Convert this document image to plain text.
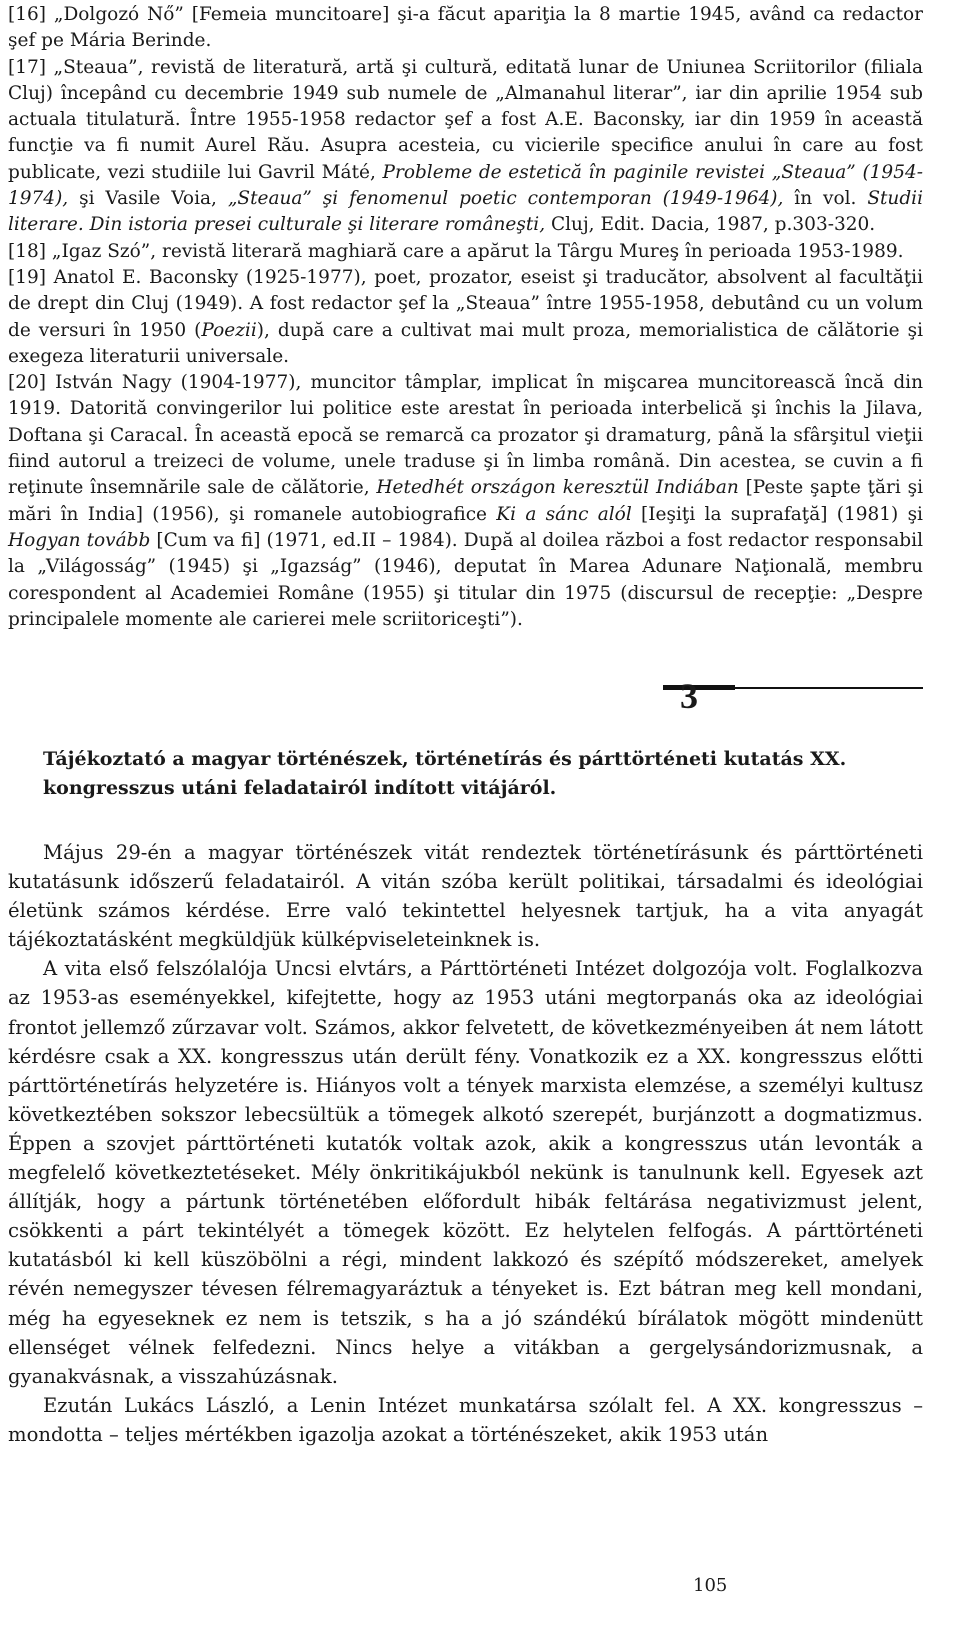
[16] „Dolgozó Nő” [Femeia muncitoare] şi-a făcut apariţia la 8 martie 1945, având ca redactor şef pe Mária Berinde.

[17] „Steaua”, revistă de literatură, artă şi cultură, editată lunar de Uniunea Scriitorilor (filiala Cluj) începând cu decembrie 1949 sub numele de „Almanahul literar”, iar din aprilie 1954 sub actuala titulatură. Între 1955-1958 redactor şef a fost A.E. Baconsky, iar din 1959 în această funcţie va fi numit Aurel Rău. Asupra acesteia, cu vicierile specifice anului în care au fost publicate, vezi studiile lui Gavril Máté, Probleme de estetică în paginile revistei „Steaua” (1954-1974), şi Vasile Voia, „Steaua” şi fenomenul poetic contemporan (1949-1964), în vol. Studii literare. Din istoria presei culturale şi literare româneşti, Cluj, Edit. Dacia, 1987, p.303-320.

[18] „Igaz Szó”, revistă literară maghiară care a apărut la Târgu Mureş în perioada 1953-1989.

[19] Anatol E. Baconsky (1925-1977), poet, prozator, eseist şi traducător, absolvent al facultăţii de drept din Cluj (1949). A fost redactor şef la „Steaua” între 1955-1958, debutând cu un volum de versuri în 1950 (Poezii), după care a cultivat mai mult proza, memorialistica de călătorie şi exegeza literaturii universale.

[20] István Nagy (1904-1977), muncitor tâmplar, implicat în mişcarea muncitorească încă din 1919. Datorită convingerilor lui politice este arestat în perioada interbelică şi închis la Jilava, Doftana şi Caracal. În această epocă se remarcă ca prozator şi dramaturg, până la sfârşitul vieţii fiind autorul a treizeci de volume, unele traduse şi în limba română. Din acestea, se cuvin a fi reţinute însemnările sale de călătorie, Hetedhét országon keresztül Indiában [Peste şapte ţări şi mări în India] (1956), şi romanele autobiografice Ki a sánc alól [Ieşiţi la suprafaţă] (1981) şi Hogyan tovább [Cum va fi] (1971, ed.II – 1984). După al doilea război a fost redactor responsabil la „Világosság” (1945) şi „Igazság” (1946), deputat în Marea Adunare Naţională, membru corespondent al Academiei Române (1955) şi titular din 1975 (discursul de recepţie: „Despre principalele momente ale carierei mele scriitoriceşti”).

3
Tájékoztató a magyar történészek, történetírás és párttörténeti kutatás XX. kongresszus utáni feladatairól indított vitájáról.

Május 29-én a magyar történészek vitát rendeztek történetírásunk és párttörténeti kutatásunk időszerű feladatairól. A vitán szóba került politikai, társadalmi és ideológiai életünk számos kérdése. Erre való tekintettel helyesnek tartjuk, ha a vita anyagát tájékoztatásként megküldjük külképviseleteinknek is.

A vita első felszólalója Uncsi elvtárs, a Párttörténeti Intézet dolgozója volt. Foglalkozva az 1953-as eseményekkel, kifejtette, hogy az 1953 utáni megtorpanás oka az ideológiai frontot jellemző zűrzavar volt. Számos, akkor felvetett, de következményeiben át nem látott kérdésre csak a XX. kongresszus után derült fény. Vonatkozik ez a XX. kongresszus előtti párttörténetírás helyzetére is. Hiányos volt a tények marxista elemzése, a személyi kultusz következtében sokszor lebecsültük a tömegek alkotó szerepét, burjánzott a dogmatizmus. Éppen a szovjet párttörténeti kutatók voltak azok, akik a kongresszus után levonták a megfelelő következtetéseket. Mély önkritikájukból nekünk is tanulnunk kell. Egyesek azt állítják, hogy a pártunk történetében előfordult hibák feltárása negativizmust jelent, csökkenti a párt tekintélyét a tömegek között. Ez helytelen felfogás. A párttörténeti kutatásból ki kell küszöbölni a régi, mindent lakkozó és szépítő módszereket, amelyek révén nemegyszer tévesen félremagyaráztuk a tényeket is. Ezt bátran meg kell mondani, még ha egyeseknek ez nem is tetszik, s ha a jó szándékú bírálatok mögött mindenütt ellenséget vélnek felfedezni. Nincs helye a vitákban a gergelysándorizmusnak, a gyanakvásnak, a visszahúzásnak.

Ezután Lukács László, a Lenin Intézet munkatársa szólalt fel. A XX. kongresszus – mondotta – teljes mértékben igazolja azokat a történészeket, akik 1953 után

105
